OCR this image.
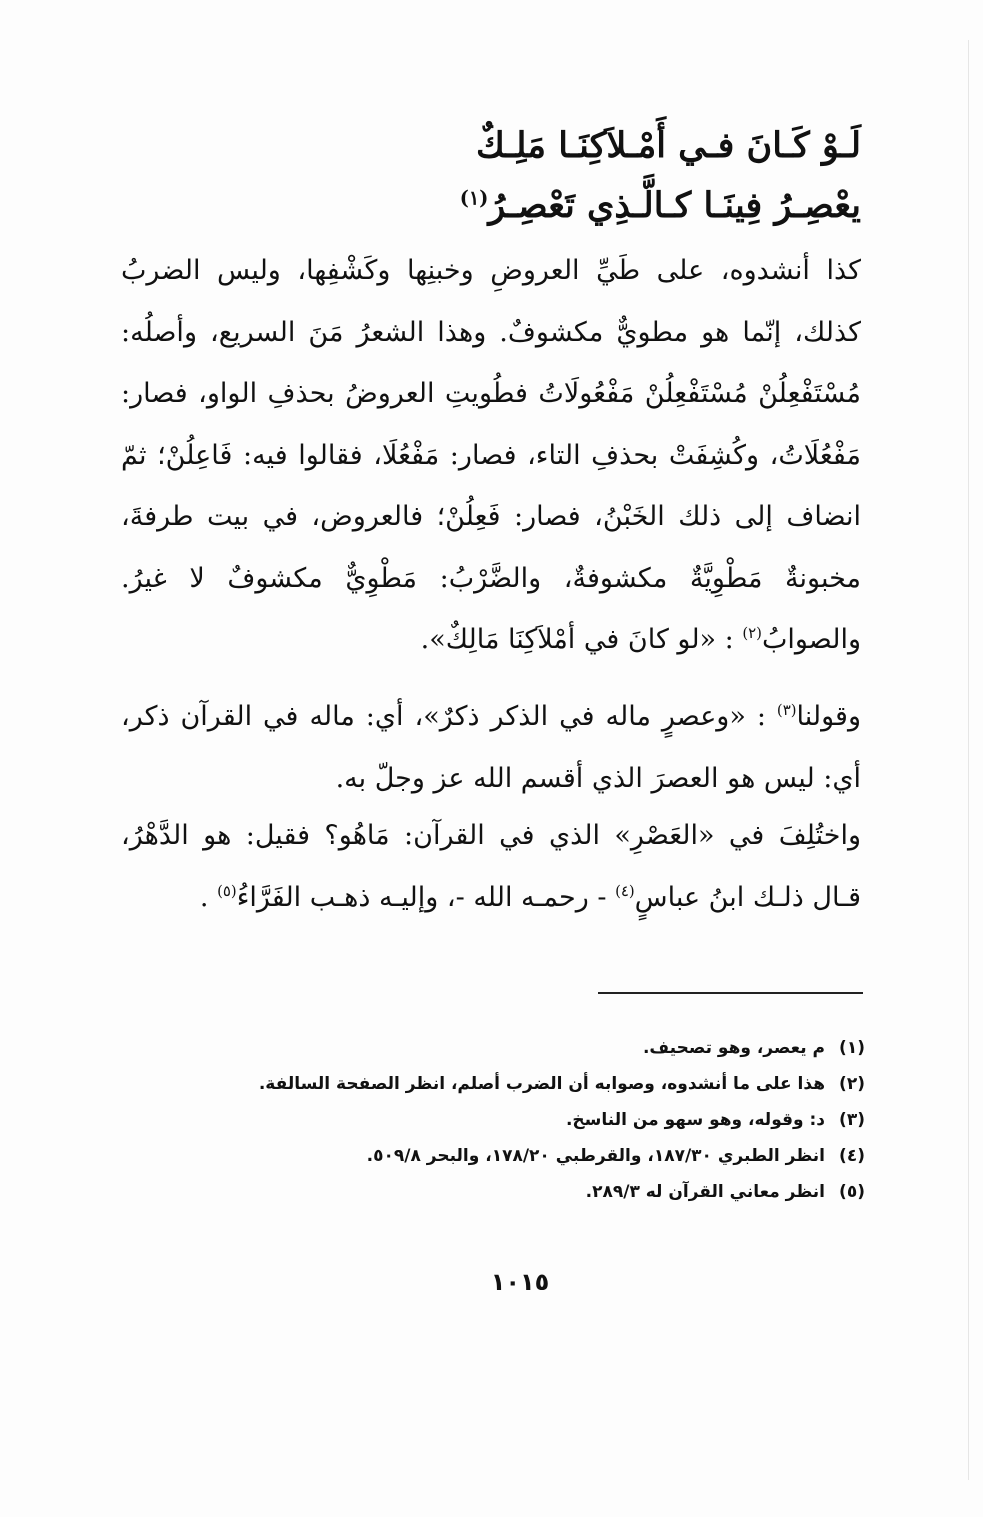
لَـوْ كَـانَ فـي أَمْـلاَكِنَـا مَلِـكٌ
يعْصِـرُ فِينَـا كـالَّـذِي تَعْصِـرُ$^{(١)}$

كذا أنشدوه، على طَيِّ العروضِ وخبنِها وكَشْفِها، وليس الضربُ كذلك، إنّما هو مطويٌّ مكشوفٌ. وهذا الشعرُ مَنَ السريع، وأصلُه: مُسْتَفْعِلُنْ مُسْتَفْعِلُنْ مَفْعُولَاتُ فطُويتِ العروضُ بحذفِ الواو، فصار: مَفْعُلَاتُ، وكُشِفَتْ بحذفِ التاء، فصار: مَفْعُلَا، فقالوا فيه: فَاعِلُنْ؛ ثمّ انضاف إلى ذلك الخَبْنُ، فصار: فَعِلُنْ؛ فالعروض، في بيت طرفةَ، مخبونةٌ مَطْوِيَّةٌ مكشوفةٌ، والضَّرْبُ: مَطْوِيٌّ مكشوفٌ لا غيرُ. والصوابُ$^{(٢)}$ : «لو كانَ في أمْلاَكِنَا مَالِكٌ».

وقولنا$^{(٣)}$ : «وعصرٍ ماله في الذكر ذكرٌ»، أي: ماله في القرآن ذكر، أي: ليس هو العصرَ الذي أقسم الله عز وجلّ به.

واختُلِفَ في «العَصْرِ» الذي في القرآن: مَاهُو؟ فقيل: هو الدَّهْرُ، قـال ذلـك ابنُ عباسٍ$^{(٤)}$ - رحمـه الله -، وإليـه ذهـب الفَرَّاءُ$^{(٥)}$ .

(١)م يعصر، وهو تصحيف.
(٢)هذا على ما أنشدوه، وصوابه أن الضرب أصلم، انظر الصفحة السالفة.
(٣)د: وقوله، وهو سهو من الناسخ.
(٤)انظر الطبري ١٨٧/٣٠، والقرطبي ١٧٨/٢٠، والبحر ٥٠٩/٨.
(٥)انظر معاني القرآن له ٢٨٩/٣.
١٠١٥
